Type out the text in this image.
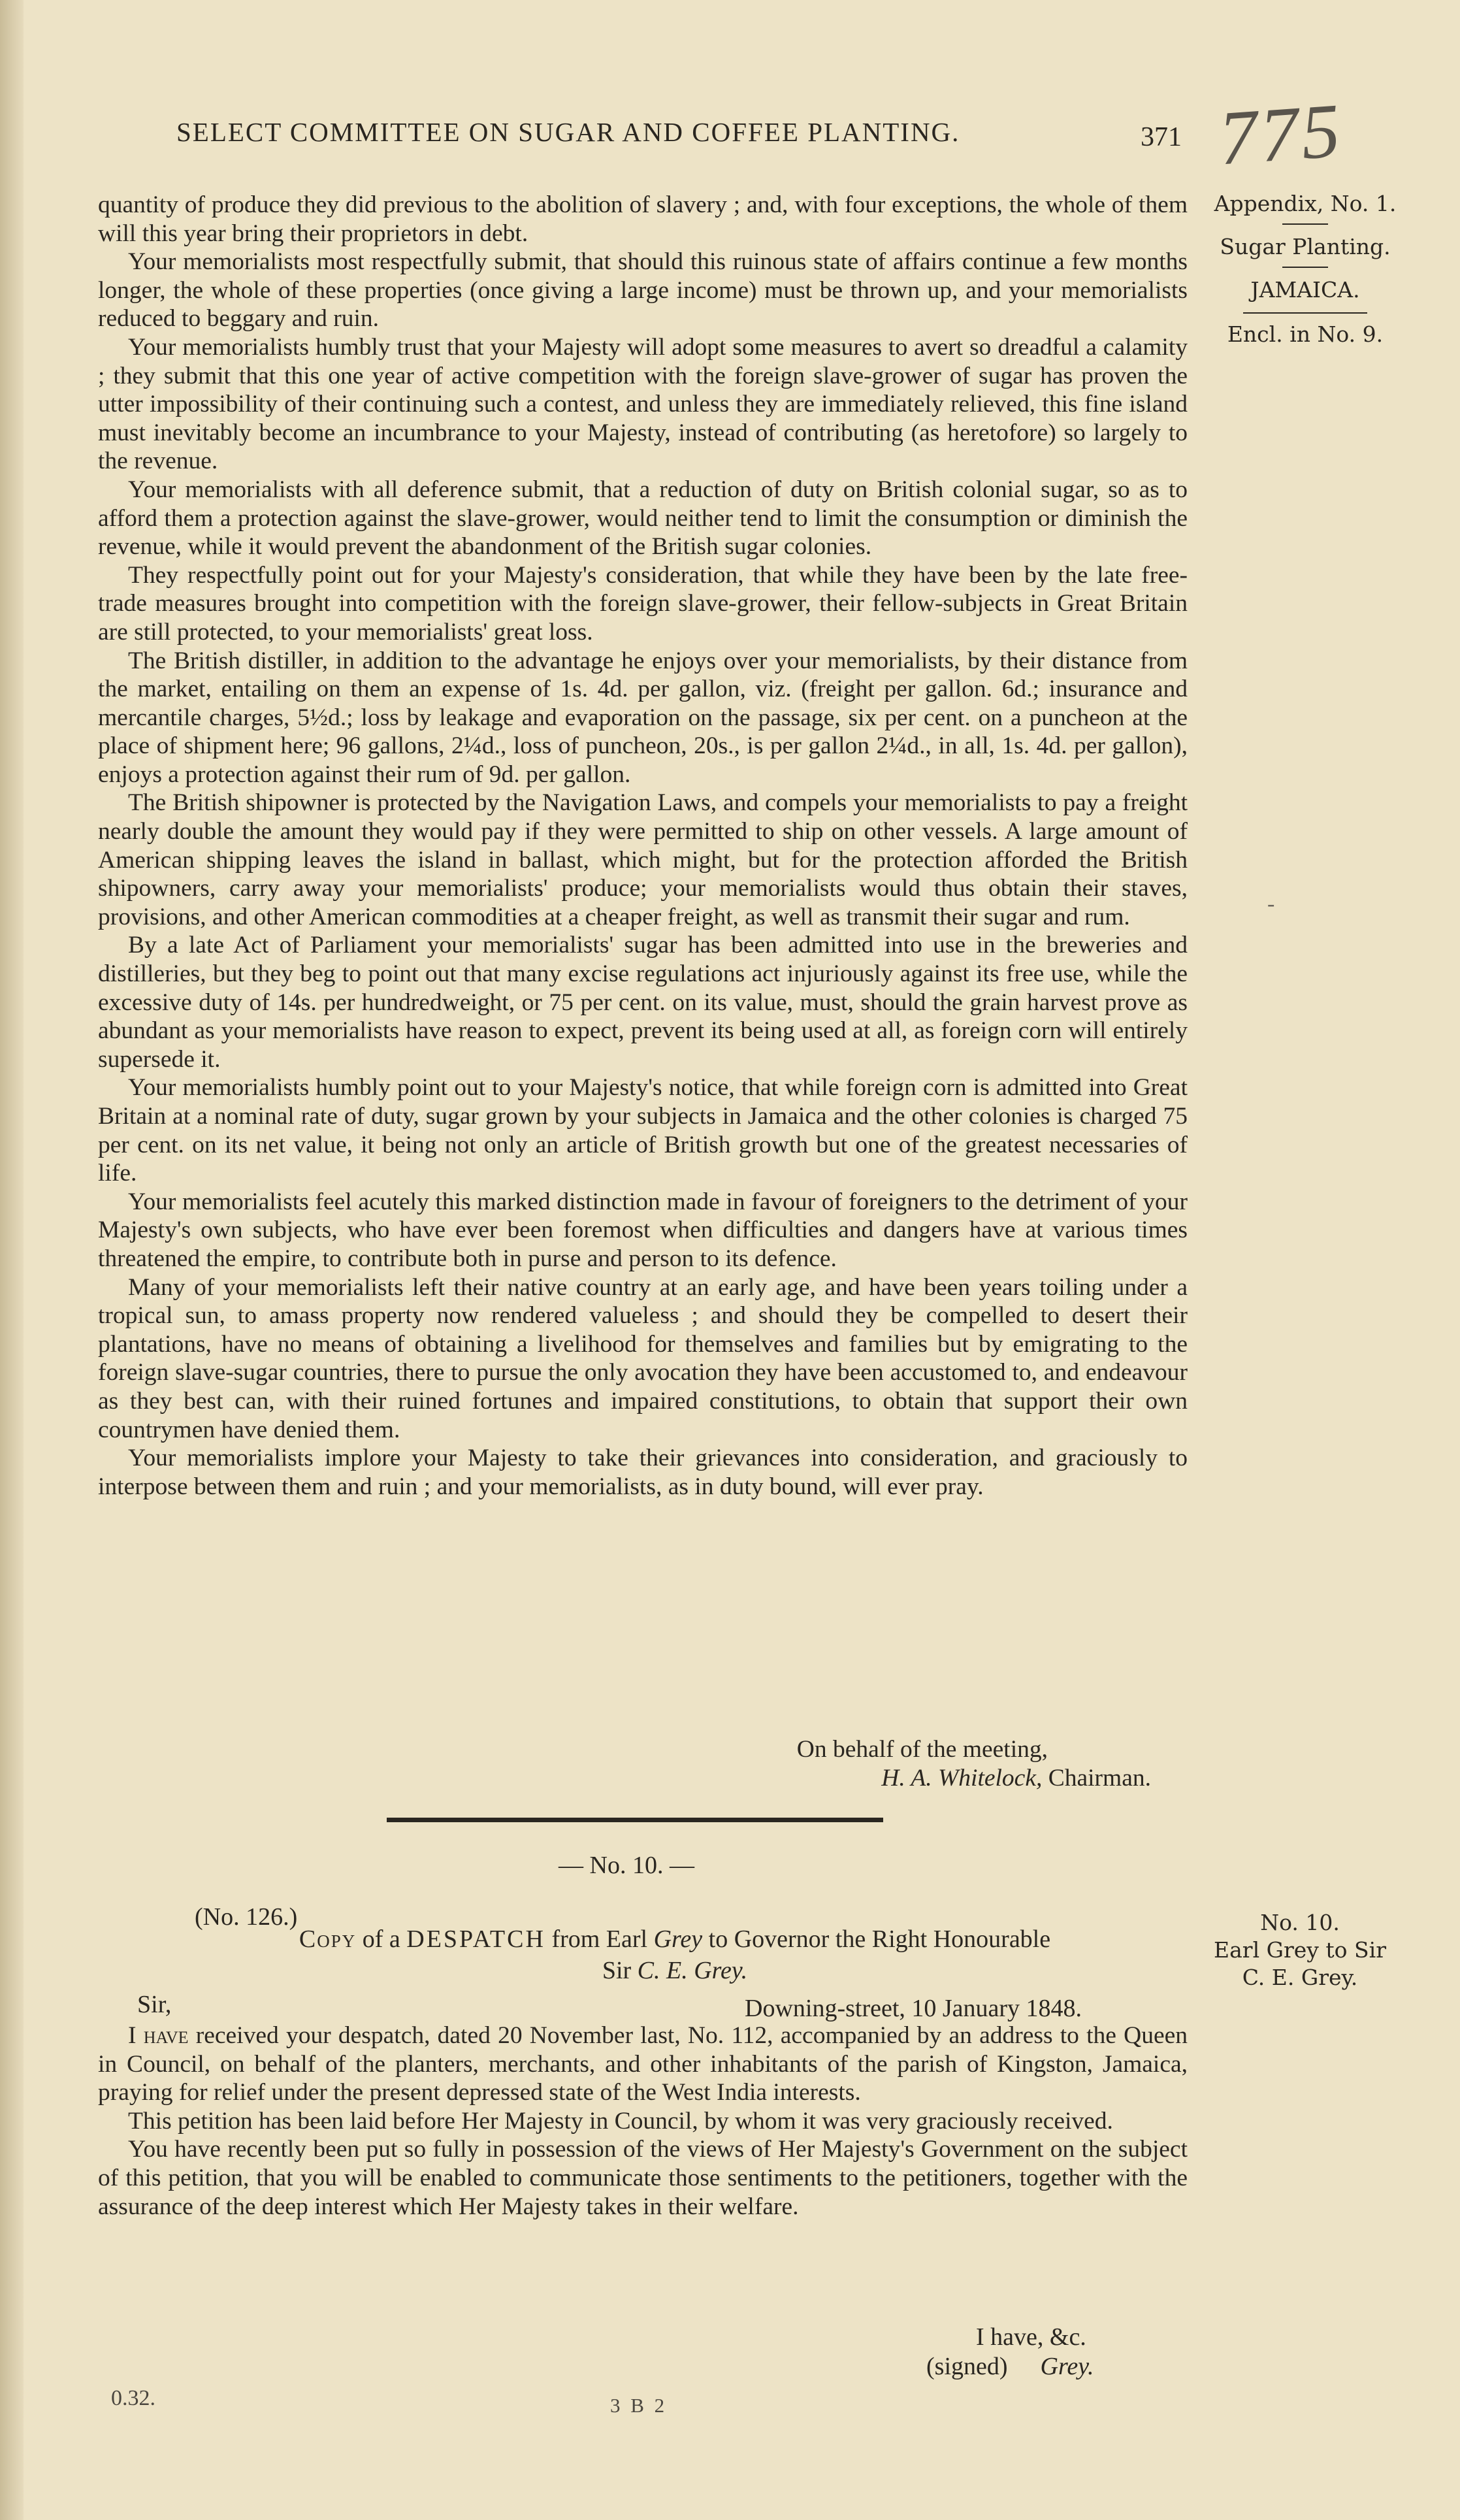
SELECT COMMITTEE ON SUGAR AND COFFEE PLANTING.	371 775
Appendix, No. 1.
Sugar Planting.
JAMAICA.
Encl. in No. 9.
-

quantity of produce they did previous to the abolition of slavery ; and, with four exceptions, the whole of them will this year bring their proprietors in debt.

Your memorialists most respectfully submit, that should this ruinous state of affairs continue a few months longer, the whole of these properties (once giving a large income) must be thrown up, and your memorialists reduced to beggary and ruin.

Your memorialists humbly trust that your Majesty will adopt some measures to avert so dreadful a calamity ; they submit that this one year of active competition with the foreign slave-grower of sugar has proven the utter impossibility of their continuing such a contest, and unless they are immediately relieved, this fine island must inevitably become an incumbrance to your Majesty, instead of contributing (as heretofore) so largely to the revenue.

Your memorialists with all deference submit, that a reduction of duty on British colonial sugar, so as to afford them a protection against the slave-grower, would neither tend to limit the consumption or diminish the revenue, while it would prevent the abandonment of the British sugar colonies.

They respectfully point out for your Majesty's consideration, that while they have been by the late free-trade measures brought into competition with the foreign slave-grower, their fellow-subjects in Great Britain are still protected, to your memorialists' great loss.

The British distiller, in addition to the advantage he enjoys over your memorialists, by their distance from the market, entailing on them an expense of 1s. 4d. per gallon, viz. (freight per gallon. 6d.; insurance and mercantile charges, 5½d.; loss by leakage and evaporation on the passage, six per cent. on a puncheon at the place of shipment here; 96 gallons, 2¼d., loss of puncheon, 20s., is per gallon 2¼d., in all, 1s. 4d. per gallon), enjoys a protection against their rum of 9d. per gallon.

The British shipowner is protected by the Navigation Laws, and compels your memorialists to pay a freight nearly double the amount they would pay if they were permitted to ship on other vessels. A large amount of American shipping leaves the island in ballast, which might, but for the protection afforded the British shipowners, carry away your memorialists' produce; your memorialists would thus obtain their staves, provisions, and other American commodities at a cheaper freight, as well as transmit their sugar and rum.

By a late Act of Parliament your memorialists' sugar has been admitted into use in the breweries and distilleries, but they beg to point out that many excise regulations act injuriously against its free use, while the excessive duty of 14s. per hundredweight, or 75 per cent. on its value, must, should the grain harvest prove as abundant as your memorialists have reason to expect, prevent its being used at all, as foreign corn will entirely supersede it.

Your memorialists humbly point out to your Majesty's notice, that while foreign corn is admitted into Great Britain at a nominal rate of duty, sugar grown by your subjects in Jamaica and the other colonies is charged 75 per cent. on its net value, it being not only an article of British growth but one of the greatest necessaries of life.

Your memorialists feel acutely this marked distinction made in favour of foreigners to the detriment of your Majesty's own subjects, who have ever been foremost when difficulties and dangers have at various times threatened the empire, to contribute both in purse and person to its defence.

Many of your memorialists left their native country at an early age, and have been years toiling under a tropical sun, to amass property now rendered valueless ; and should they be compelled to desert their plantations, have no means of obtaining a livelihood for themselves and families but by emigrating to the foreign slave-sugar countries, there to pursue the only avocation they have been accustomed to, and endeavour as they best can, with their ruined fortunes and impaired constitutions, to obtain that support their own countrymen have denied them.

Your memorialists implore your Majesty to take their grievances into consideration, and graciously to interpose between them and ruin ; and your memorialists, as in duty bound, will ever pray.

On behalf of the meeting,
H. A. Whitelock, Chairman.
— No. 10. —
(No. 126.)
Copy of a DESPATCH from Earl Grey to Governor the Right Honourable
Sir C. E. Grey.
No. 10.
Earl Grey to Sir
C. E. Grey.
Sir,	Downing-street, 10 January 1848.

I have received your despatch, dated 20 November last, No. 112, accompanied by an address to the Queen in Council, on behalf of the planters, merchants, and other inhabitants of the parish of Kingston, Jamaica, praying for relief under the present depressed state of the West India interests.

This petition has been laid before Her Majesty in Council, by whom it was very graciously received.

You have recently been put so fully in possession of the views of Her Majesty's Government on the subject of this petition, that you will be enabled to communicate those sentiments to the petitioners, together with the assurance of the deep interest which Her Majesty takes in their welfare.

I have, &c.
(signed) Grey.
0.32.	3 B 2
